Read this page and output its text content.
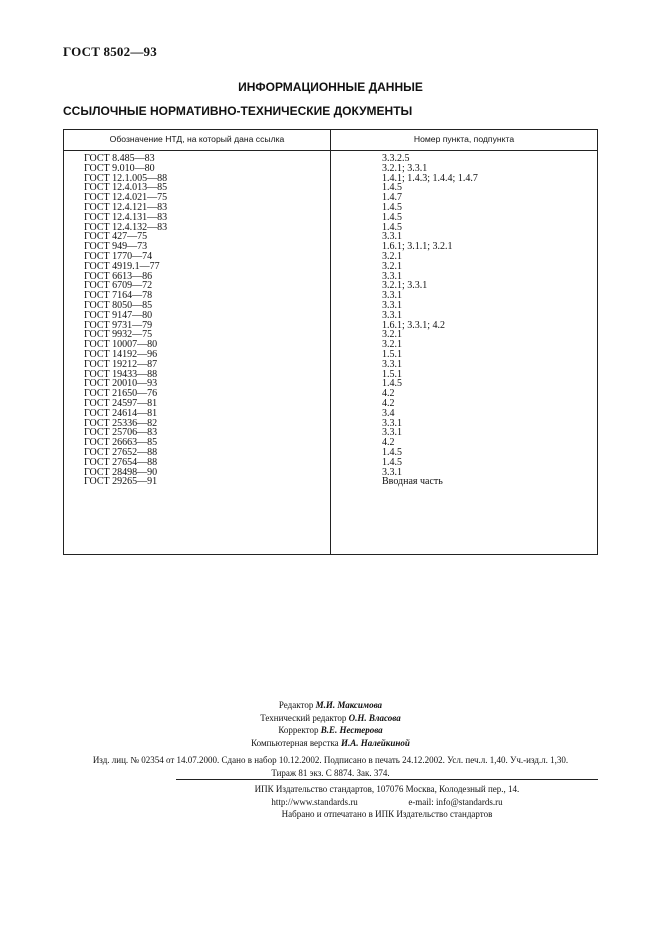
ГОСТ 8502—93
ИНФОРМАЦИОННЫЕ ДАННЫЕ
ССЫЛОЧНЫЕ НОРМАТИВНО-ТЕХНИЧЕСКИЕ ДОКУМЕНТЫ
Обозначение НТД, на который дана ссылка	Номер пункта, подпункта
ГОСТ 8.485—83	3.3.2.5
ГОСТ 9.010—80	3.2.1; 3.3.1
ГОСТ 12.1.005—88	1.4.1; 1.4.3; 1.4.4; 1.4.7
ГОСТ 12.4.013—85	1.4.5
ГОСТ 12.4.021—75	1.4.7
ГОСТ 12.4.121—83	1.4.5
ГОСТ 12.4.131—83	1.4.5
ГОСТ 12.4.132—83	1.4.5
ГОСТ 427—75	3.3.1
ГОСТ 949—73	1.6.1; 3.1.1; 3.2.1
ГОСТ 1770—74	3.2.1
ГОСТ 4919.1—77	3.2.1
ГОСТ 6613—86	3.3.1
ГОСТ 6709—72	3.2.1; 3.3.1
ГОСТ 7164—78	3.3.1
ГОСТ 8050—85	3.3.1
ГОСТ 9147—80	3.3.1
ГОСТ 9731—79	1.6.1; 3.3.1; 4.2
ГОСТ 9932—75	3.2.1
ГОСТ 10007—80	3.2.1
ГОСТ 14192—96	1.5.1
ГОСТ 19212—87	3.3.1
ГОСТ 19433—88	1.5.1
ГОСТ 20010—93	1.4.5
ГОСТ 21650—76	4.2
ГОСТ 24597—81	4.2
ГОСТ 24614—81	3.4
ГОСТ 25336—82	3.3.1
ГОСТ 25706—83	3.3.1
ГОСТ 26663—85	4.2
ГОСТ 27652—88	1.4.5
ГОСТ 27654—88	1.4.5
ГОСТ 28498—90	3.3.1
ГОСТ 29265—91	Вводная часть
Редактор М.И. Максимова
Технический редактор О.Н. Власова
Корректор В.Е. Нестерова
Компьютерная верстка И.А. Налейкиной
Изд. лиц. № 02354 от 14.07.2000. Сдано в набор 10.12.2002. Подписано в печать 24.12.2002. Усл. печ.л. 1,40. Уч.-изд.л. 1,30.
Тираж 81 экз. С 8874. Зак. 374.
ИПК Издательство стандартов, 107076 Москва, Колодезный пер., 14.
http://www.standards.ru	e-mail: info@standards.ru
Набрано и отпечатано в ИПК Издательство стандартов
